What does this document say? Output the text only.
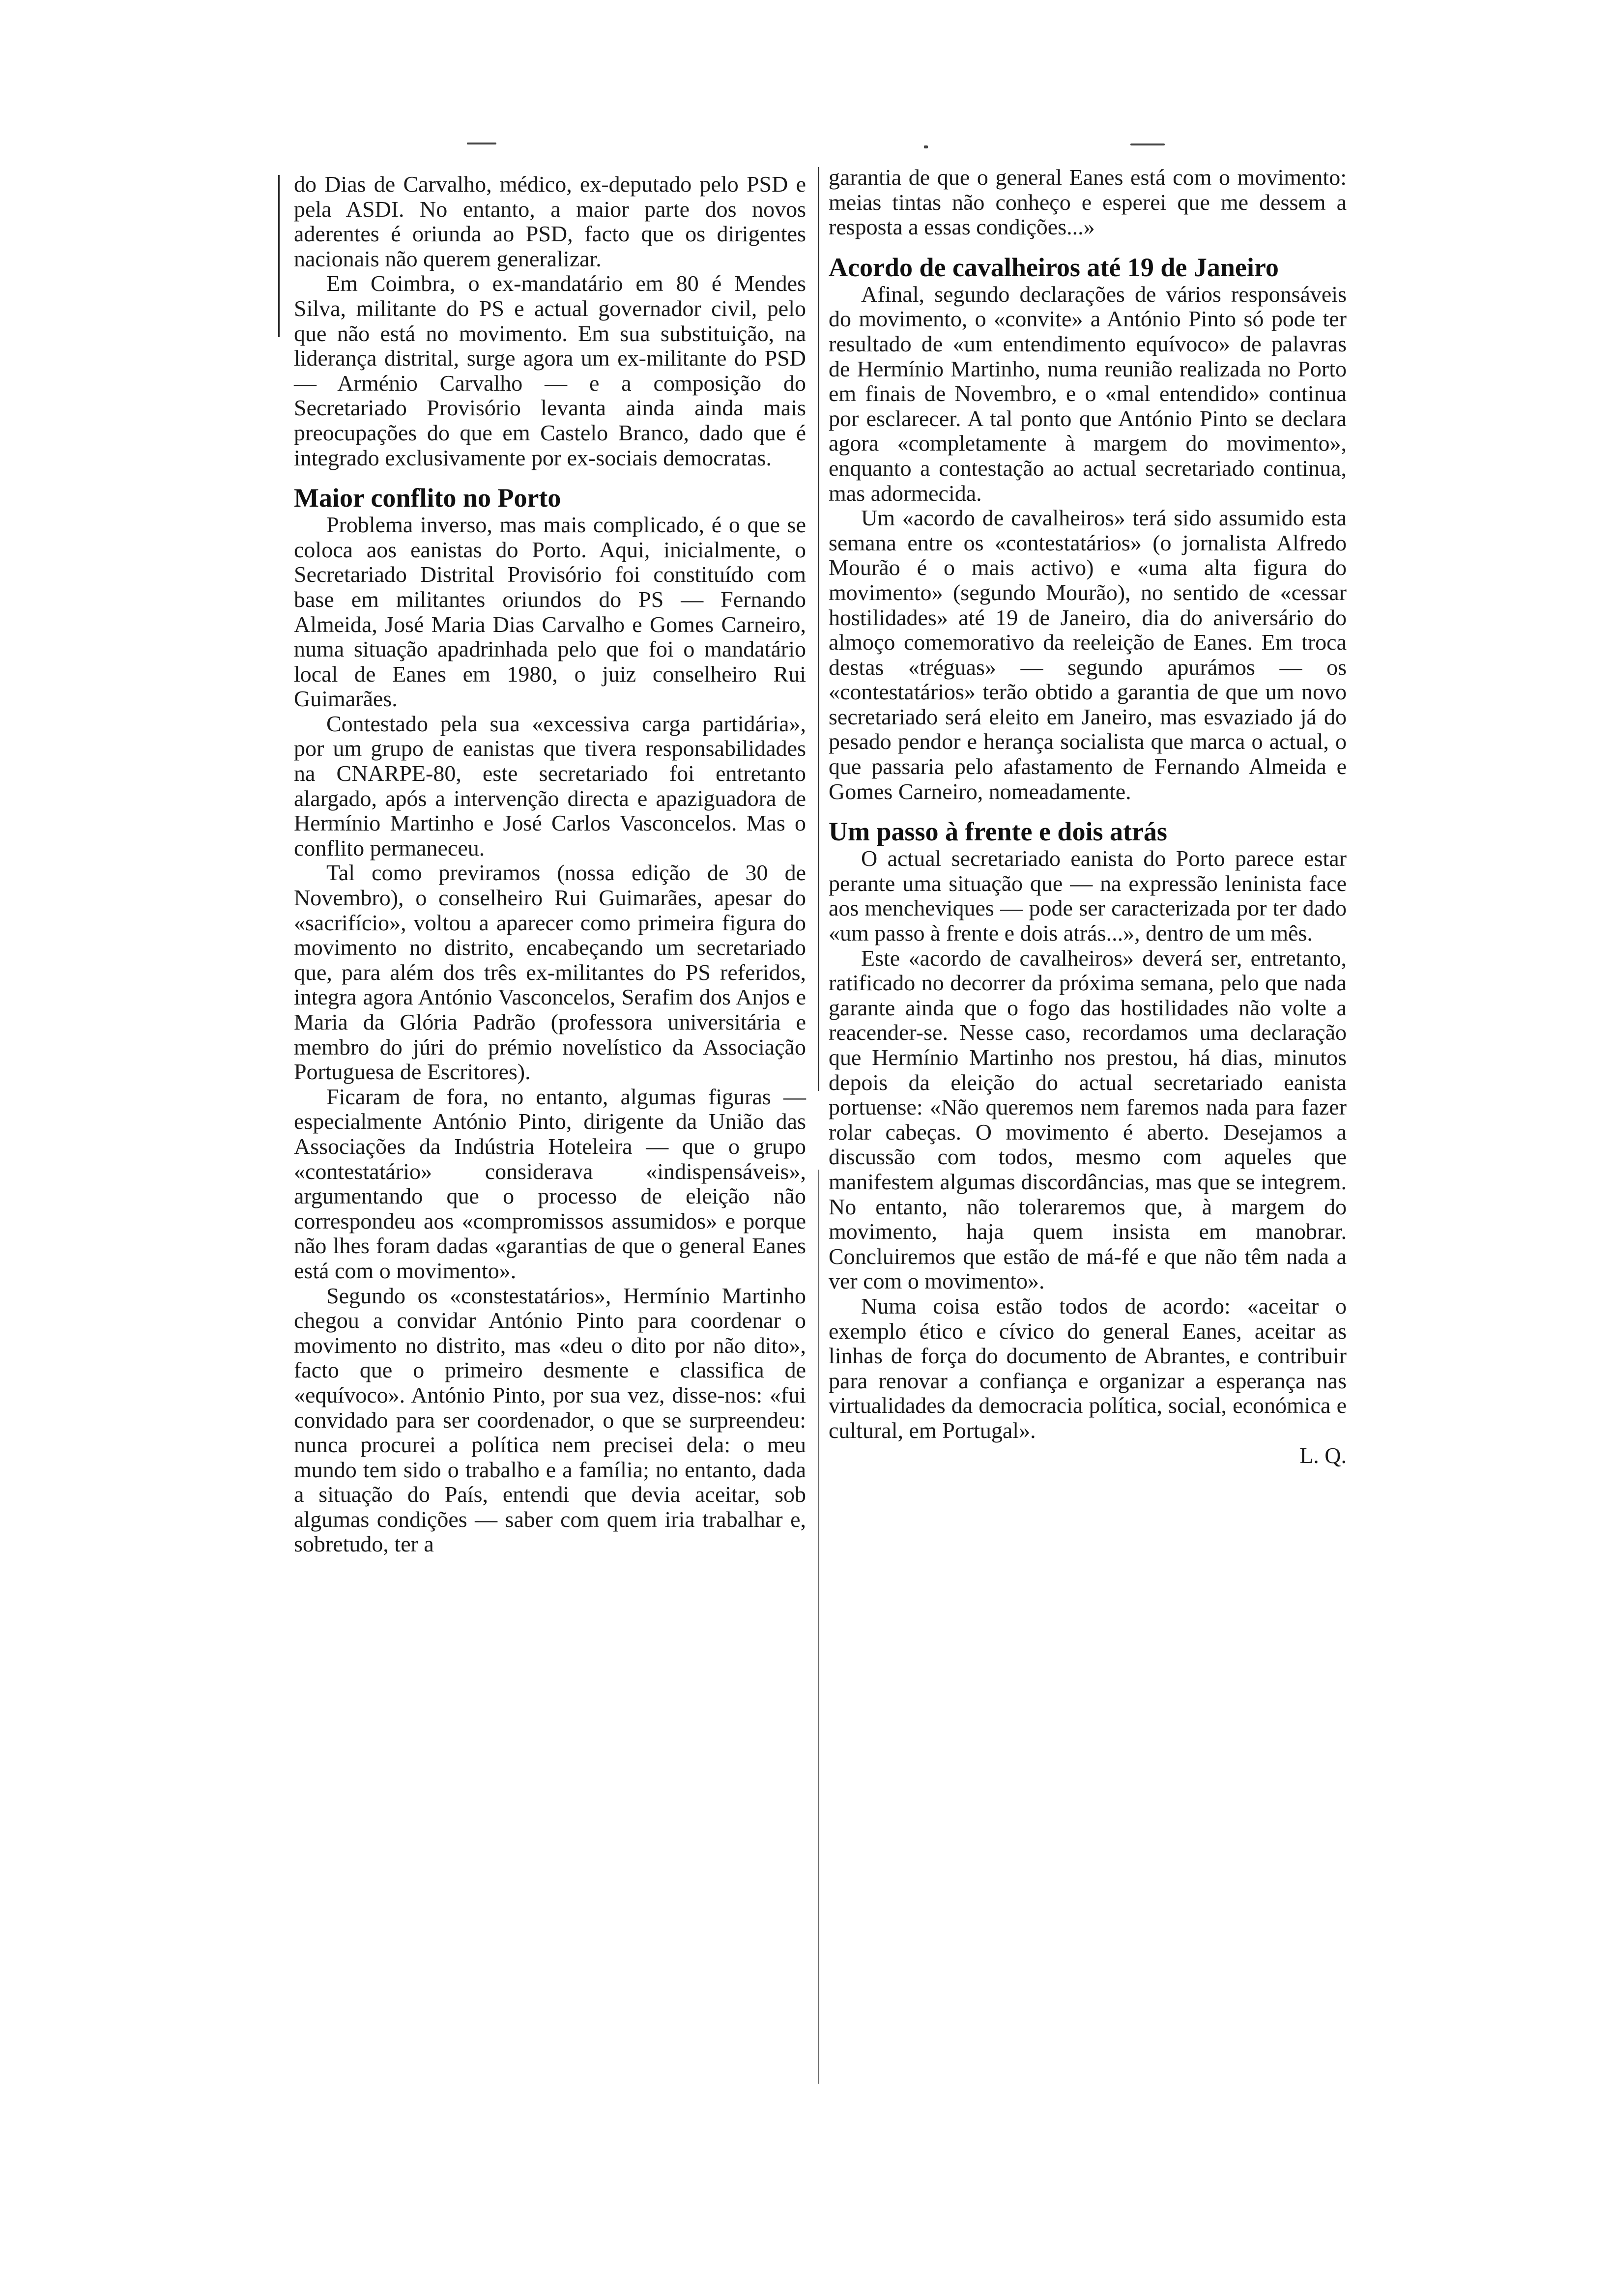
do Dias de Carvalho, médico, ex-deputado pelo PSD e pela ASDI. No entanto, a maior parte dos novos aderentes é oriunda ao PSD, facto que os dirigentes nacionais não querem generalizar.

Em Coimbra, o ex-mandatário em 80 é Mendes Silva, militante do PS e actual governador civil, pelo que não está no movimento. Em sua substituição, na liderança distrital, surge agora um ex-militante do PSD — Arménio Carvalho — e a composição do Secretariado Provisório levanta ainda ainda mais preocupações do que em Castelo Branco, dado que é integrado exclusivamente por ex-sociais democratas.

Maior conflito no Porto

Problema inverso, mas mais complicado, é o que se coloca aos eanistas do Porto. Aqui, inicialmente, o Secretariado Distrital Provisório foi constituído com base em militantes oriundos do PS — Fernando Almeida, José Maria Dias Carvalho e Gomes Carneiro, numa situação apadrinhada pelo que foi o mandatário local de Eanes em 1980, o juiz conselheiro Rui Guimarães.

Contestado pela sua «excessiva carga partidária», por um grupo de eanistas que tivera responsabilidades na CNARPE-80, este secretariado foi entretanto alargado, após a intervenção directa e apaziguadora de Hermínio Martinho e José Carlos Vasconcelos. Mas o conflito permaneceu.

Tal como previramos (nossa edição de 30 de Novembro), o conselheiro Rui Guimarães, apesar do «sacrifício», voltou a aparecer como primeira figura do movimento no distrito, encabeçando um secretariado que, para além dos três ex-militantes do PS referidos, integra agora António Vasconcelos, Serafim dos Anjos e Maria da Glória Padrão (professora universitária e membro do júri do prémio novelístico da Associação Portuguesa de Escritores).

Ficaram de fora, no entanto, algumas figuras — especialmente António Pinto, dirigente da União das Associações da Indústria Hoteleira — que o grupo «contestatário» considerava «indispensáveis», argumentando que o processo de eleição não correspondeu aos «compromissos assumidos» e porque não lhes foram dadas «garantias de que o general Eanes está com o movimento».

Segundo os «constestatários», Hermínio Martinho chegou a convidar António Pinto para coordenar o movimento no distrito, mas «deu o dito por não dito», facto que o primeiro desmente e classifica de «equívoco». António Pinto, por sua vez, disse-nos: «fui convidado para ser coordenador, o que se surpreendeu: nunca procurei a política nem precisei dela: o meu mundo tem sido o trabalho e a família; no entanto, dada a situação do País, entendi que devia aceitar, sob algumas condições — saber com quem iria trabalhar e, sobretudo, ter a

garantia de que o general Eanes está com o movimento: meias tintas não conheço e esperei que me dessem a resposta a essas condições...»

Acordo de cavalheiros até 19 de Janeiro

Afinal, segundo declarações de vários responsáveis do movimento, o «convite» a António Pinto só pode ter resultado de «um entendimento equívoco» de palavras de Hermínio Martinho, numa reunião realizada no Porto em finais de Novembro, e o «mal entendido» continua por esclarecer. A tal ponto que António Pinto se declara agora «completamente à margem do movimento», enquanto a contestação ao actual secretariado continua, mas adormecida.

Um «acordo de cavalheiros» terá sido assumido esta semana entre os «contestatários» (o jornalista Alfredo Mourão é o mais activo) e «uma alta figura do movimento» (segundo Mourão), no sentido de «cessar hostilidades» até 19 de Janeiro, dia do aniversário do almoço comemorativo da reeleição de Eanes. Em troca destas «tréguas» — segundo apurámos — os «contestatários» terão obtido a garantia de que um novo secretariado será eleito em Janeiro, mas esvaziado já do pesado pendor e herança socialista que marca o actual, o que passaria pelo afastamento de Fernando Almeida e Gomes Carneiro, nomeadamente.

Um passo à frente e dois atrás

O actual secretariado eanista do Porto parece estar perante uma situação que — na expressão leninista face aos mencheviques — pode ser caracterizada por ter dado «um passo à frente e dois atrás...», dentro de um mês.

Este «acordo de cavalheiros» deverá ser, entretanto, ratificado no decorrer da próxima semana, pelo que nada garante ainda que o fogo das hostilidades não volte a reacender-se. Nesse caso, recordamos uma declaração que Hermínio Martinho nos prestou, há dias, minutos depois da eleição do actual secretariado eanista portuense: «Não queremos nem faremos nada para fazer rolar cabeças. O movimento é aberto. Desejamos a discussão com todos, mesmo com aqueles que manifestem algumas discordâncias, mas que se integrem. No entanto, não toleraremos que, à margem do movimento, haja quem insista em manobrar. Concluiremos que estão de má-fé e que não têm nada a ver com o movimento».

Numa coisa estão todos de acordo: «aceitar o exemplo ético e cívico do general Eanes, aceitar as linhas de força do documento de Abrantes, e contribuir para renovar a confiança e organizar a esperança nas virtualidades da democracia política, social, económica e cultural, em Portugal».

L. Q.
